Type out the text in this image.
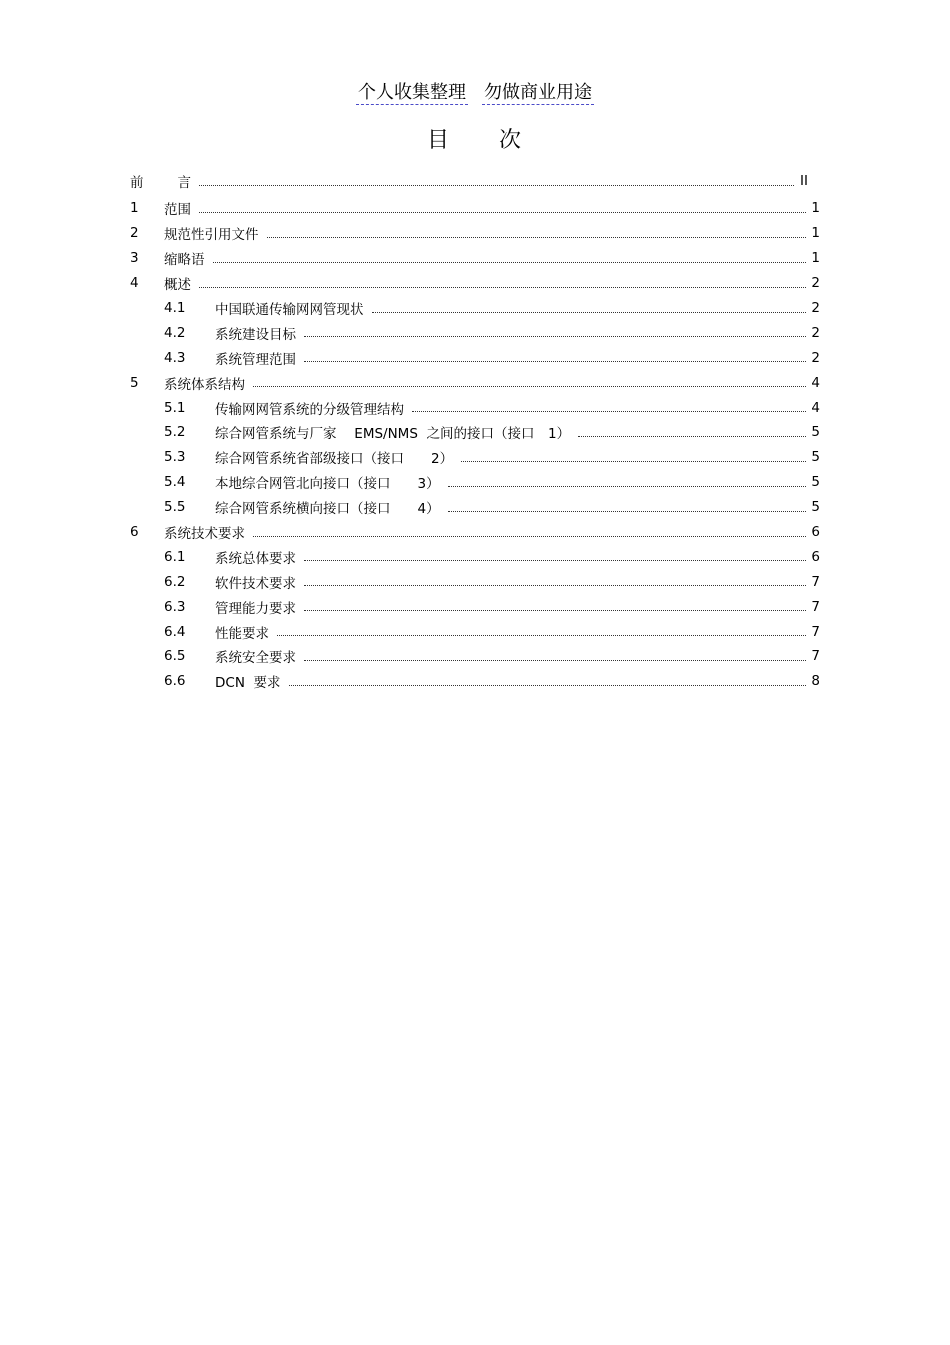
个人收集整理 勿做商业用途
目 次
前	言	II
1	范围	1
2	规范性引用文件	1
3	缩略语	1
4	概述	2
4.1	中国联通传输网网管现状	2
4.2	系统建设目标	2
4.3	系统管理范围	2
5	系统体系结构	4
5.1	传输网网管系统的分级管理结构	4
5.2	综合网管系统与厂家　 EMS/NMS  之间的接口（接口　1）	5
5.3	综合网管系统省部级接口（接口　　2）	5
5.4	本地综合网管北向接口（接口　　3）	5
5.5	综合网管系统横向接口（接口　　4）	5
6	系统技术要求	6
6.1	系统总体要求	6
6.2	软件技术要求	7
6.3	管理能力要求	7
6.4	性能要求	7
6.5	系统安全要求	7
6.6	DCN  要求	8
